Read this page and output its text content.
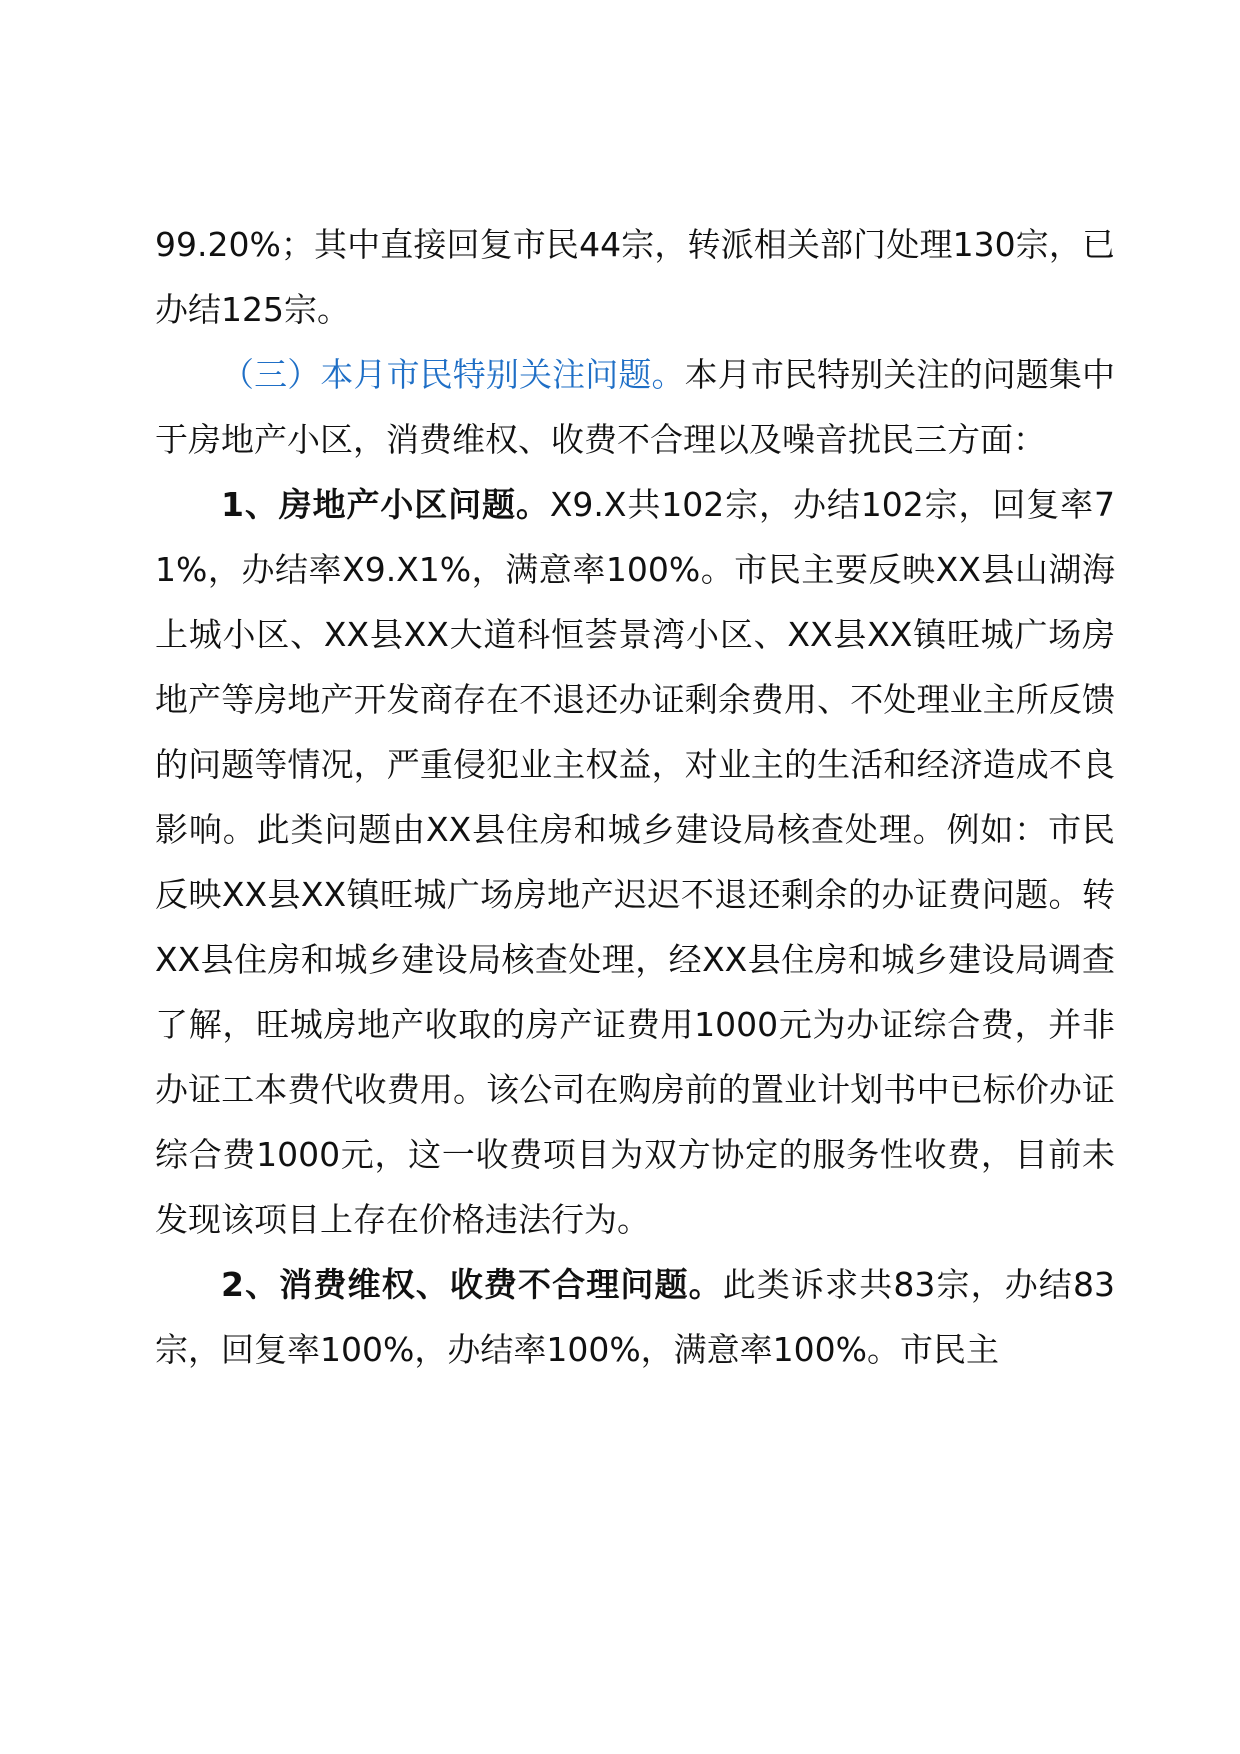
99.20%；其中直接回复市民44宗，转派相关部门处理130宗，已办结125宗。

（三）本月市民特别关注问题。本月市民特别关注的问题集中于房地产小区，消费维权、收费不合理以及噪音扰民三方面：

1、房地产小区问题。X9.X共102宗，办结102宗，回复率71%，办结率X9.X1%，满意率100%。市民主要反映XX县山湖海上城小区、XX县XX大道科恒荟景湾小区、XX县XX镇旺城广场房地产等房地产开发商存在不退还办证剩余费用、不处理业主所反馈的问题等情况，严重侵犯业主权益，对业主的生活和经济造成不良影响。此类问题由XX县住房和城乡建设局核查处理。例如：市民反映XX县XX镇旺城广场房地产迟迟不退还剩余的办证费问题。转XX县住房和城乡建设局核查处理，经XX县住房和城乡建设局调查了解，旺城房地产收取的房产证费用1000元为办证综合费，并非办证工本费代收费用。该公司在购房前的置业计划书中已标价办证综合费1000元，这一收费项目为双方协定的服务性收费，目前未发现该项目上存在价格违法行为。

2、消费维权、收费不合理问题。此类诉求共83宗，办结83宗，回复率100%，办结率100%，满意率100%。市民主
